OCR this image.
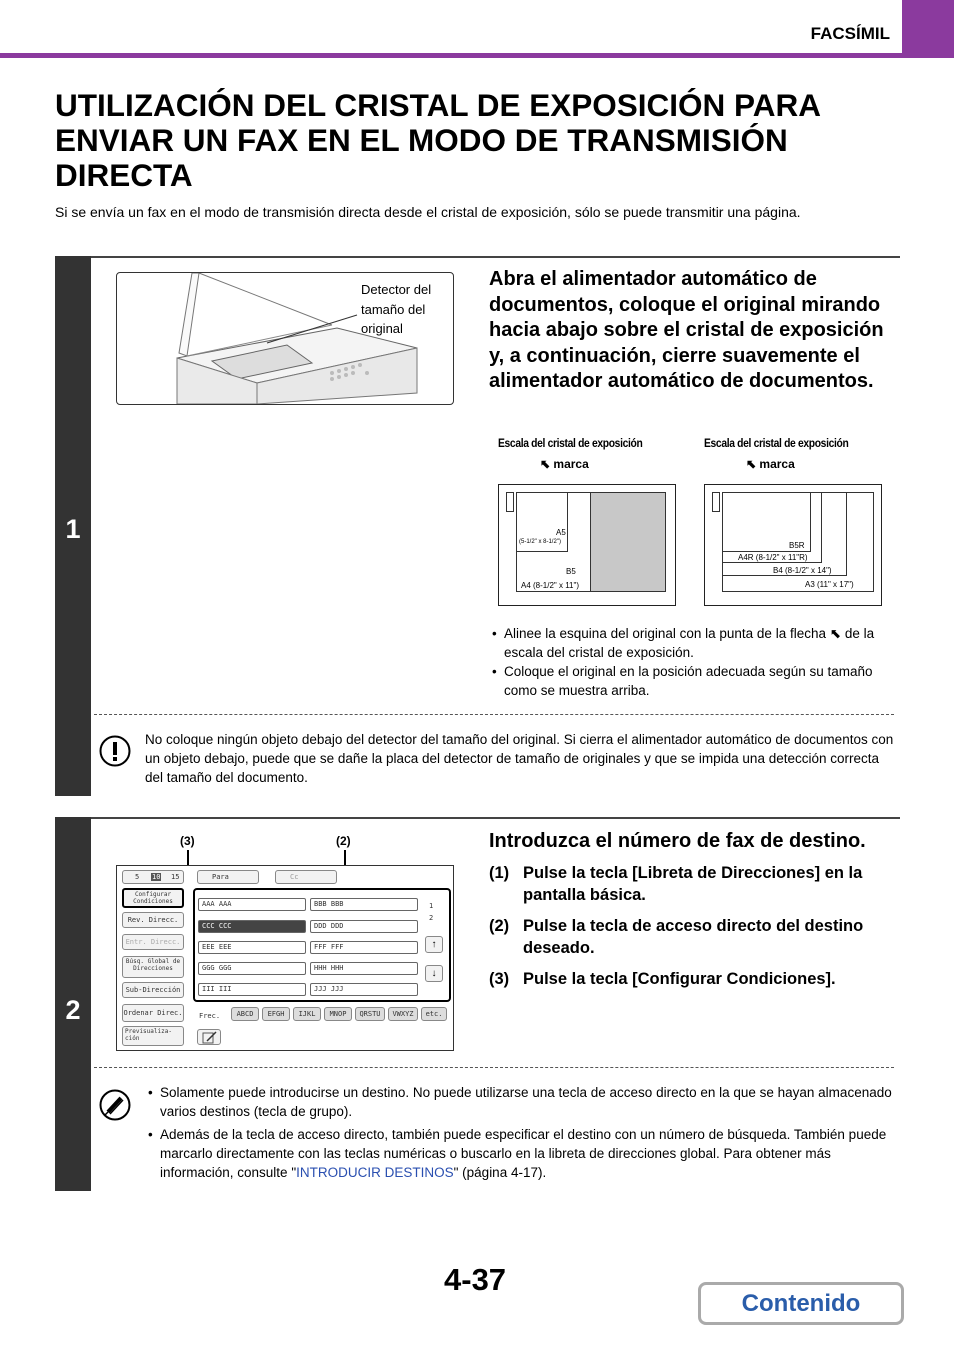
FACSÍMIL
UTILIZACIÓN DEL CRISTAL DE EXPOSICIÓN PARA ENVIAR UN FAX EN EL MODO DE TRANSMISIÓN DIRECTA
Si se envía un fax en el modo de transmisión directa desde el cristal de exposición, sólo se puede transmitir una página.
1
Detector del tamaño del original
Abra el alimentador automático de documentos, coloque el original mirando hacia abajo sobre el cristal de exposición y, a continuación, cierre suavemente el alimentador automático de documentos.
Escala del cristal de exposición
⬉ marca
A5
(5-1/2" x 8-1/2")
B5
A4 (8-1/2" x 11")
Escala del cristal de exposición
⬉ marca
B5R
A4R (8-1/2" x 11"R)
B4 (8-1/2" x 14")
A3 (11" x 17")
• Alinee la esquina del original con la punta de la flecha ⬉ de la escala del cristal de exposición.
• Coloque el original en la posición adecuada según su tamaño como se muestra arriba.
No coloque ningún objeto debajo del detector del tamaño del original. Si cierra el alimentador automático de documentos con un objeto debajo, puede que se dañe la placa del detector de tamaño de originales y que se impida una detección correcta del tamaño del documento.
2
(3)	(2)
5 10 15	Para	Cc
Configurar Condiciones
Rev. Direcc.
Entr. Direcc.
Búsq. Global de Direcciones
Sub-Dirección
Ordenar Direc.
Previsualiza- ción
AAA AAA	BBB BBB
CCC CCC	DDD DDD
EEE EEE	FFF FFF
GGG GGG	HHH HHH
III III	JJJ JJJ
1
2
↑
↓
Frec.	ABCD	EFGH	IJKL	MNOP	QRSTU	VWXYZ	etc.
Introduzca el número de fax de destino.
(1) Pulse la tecla [Libreta de Direcciones] en la pantalla básica.
(2) Pulse la tecla de acceso directo del destino deseado.
(3) Pulse la tecla [Configurar Condiciones].
• Solamente puede introducirse un destino. No puede utilizarse una tecla de acceso directo en la que se hayan almacenado varios destinos (tecla de grupo).
• Además de la tecla de acceso directo, también puede especificar el destino con un número de búsqueda. También puede marcarlo directamente con las teclas numéricas o buscarlo en la libreta de direcciones global. Para obtener más información, consulte "INTRODUCIR DESTINOS" (página 4-17).
4-37
Contenido
